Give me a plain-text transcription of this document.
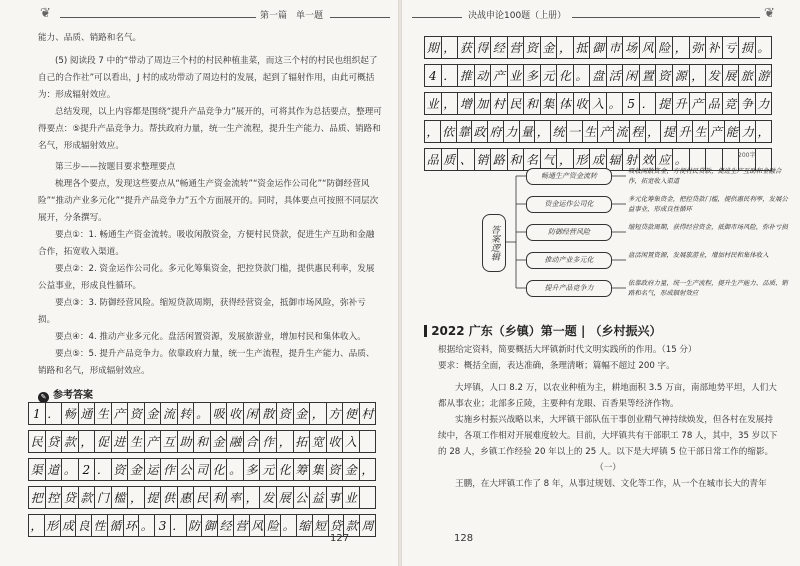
❦	第一篇　单一题

能力、品质、销路和名气。

(5) 阅读段 7 中的“带动了周边三个村的村民种植韭菜，而这三个村的村民也组织起了自己的合作社”可以看出，J 村的成功带动了周边村的发展，起到了辐射作用，由此可概括为：形成辐射效应。

总结发现，以上内容都是围绕“提升产品竞争力”展开的，可将其作为总括要点，整理可得要点：⑤提升产品竞争力。帮扶政府力量，统一生产流程，提升生产能力、品质、销路和名气，形成辐射效应。

第三步——按题目要求整理要点

梳理各个要点，发现这些要点从“畅通生产资金流转”“资金运作公司化”“防御经营风险”“推动产业多元化”“提升产品竞争力”五个方面展开的。同时，具体要点可按照不同层次展开，分条撰写。

要点①：1. 畅通生产资金流转。吸收闲散资金，方便村民贷款，促进生产互助和金融合作，拓宽收入渠道。

要点②：2. 资金运作公司化。多元化筹集资金，把控贷款门槛，提供惠民利率，发展公益事业，形成良性循环。

要点③：3. 防御经营风险。缩短贷款周期，获得经营资金，抵御市场风险，弥补亏损。

要点④：4. 推动产业多元化。盘活闲置资源，发展旅游业，增加村民和集体收入。

要点⑤：5. 提升产品竞争力。依靠政府力量，统一生产流程，提升生产能力、品质、销路和名气，形成辐射效应。

✎ 参考答案
1 ． 畅 通 生 产 资 金 流 转 。 吸 收 闲 散 资 金 ， 方 便 村
民 贷 款 ， 促 进 生 产 互 助 和 金 融 合 作 ， 拓 宽 收 入
渠 道 。 2 ． 资 金 运 作 公 司 化 。 多 元 化 筹 集 资 金 ，
把 控 贷 款 门 槛 ， 提 供 惠 民 利 率 ， 发 展 公 益 事 业
， 形 成 良 性 循 环 。 3 ． 防 御 经 营 风 险 。 缩 短 贷 款 周
127
决战申论100题（上册）	❦
期 ， 获 得 经 营 资 金 ， 抵 御 市 场 风 险 ， 弥 补 亏 损 。
4 ． 推 动 产 业 多 元 化 。 盘 活 闲 置 资 源 ， 发 展 旅 游
业 ， 增 加 村 民 和 集 体 收 入 。 5 ． 提 升 产 品 竞 争 力
， 依 靠 政 府 力 量 ， 统 一 生 产 流 程 ， 提 升 生 产 能 力 ，
品 质 、 销 路 和 名 气 ， 形 成 辐 射 效 应 。	200字
答案逻辑
畅通生产资金流转
吸收闲散资金，方便村民贷款，促进生产互助和金融合作，拓宽收入渠道
资金运作公司化
多元化筹集资金，把控贷款门槛，提供惠民利率，发展公益事业，形成良性循环
防御经营风险
缩短贷款周期，获得经营资金，抵御市场风险，弥补亏损
推动产业多元化
盘活闲置资源，发展旅游业，增加村民和集体收入
提升产品竞争力
依靠政府力量，统一生产流程，提升生产能力、品质、销路和名气，形成辐射效应
2022 广东（乡镇）第一题 | （乡村振兴）

根据给定资料，简要概括大坪镇新时代文明实践所的作用。（15 分）

要求：概括全面，表达准确，条理清晰；篇幅不超过 200 字。

大坪镇，人口 8.2 万，以农业种植为主，耕地面积 3.5 万亩，南部地势平坦，人们大都从事农业；北部多丘陵，主要种有龙眼、百香果等经济作物。

实施乡村振兴战略以来，大坪镇干部队伍干事创业精气神持续焕发，但各村在发展持续中，各项工作相对开展难度较大。目前，大坪镇共有干部职工 78 人，其中，35 岁以下的 28 人，乡镇工作经验 20 年以上的 25 人。以下是大坪镇 5 位干部日常工作的缩影。

（一）

王鹏，在大坪镇工作了 8 年，从事过规划、文化等工作，从一个在城市长大的青年

128
